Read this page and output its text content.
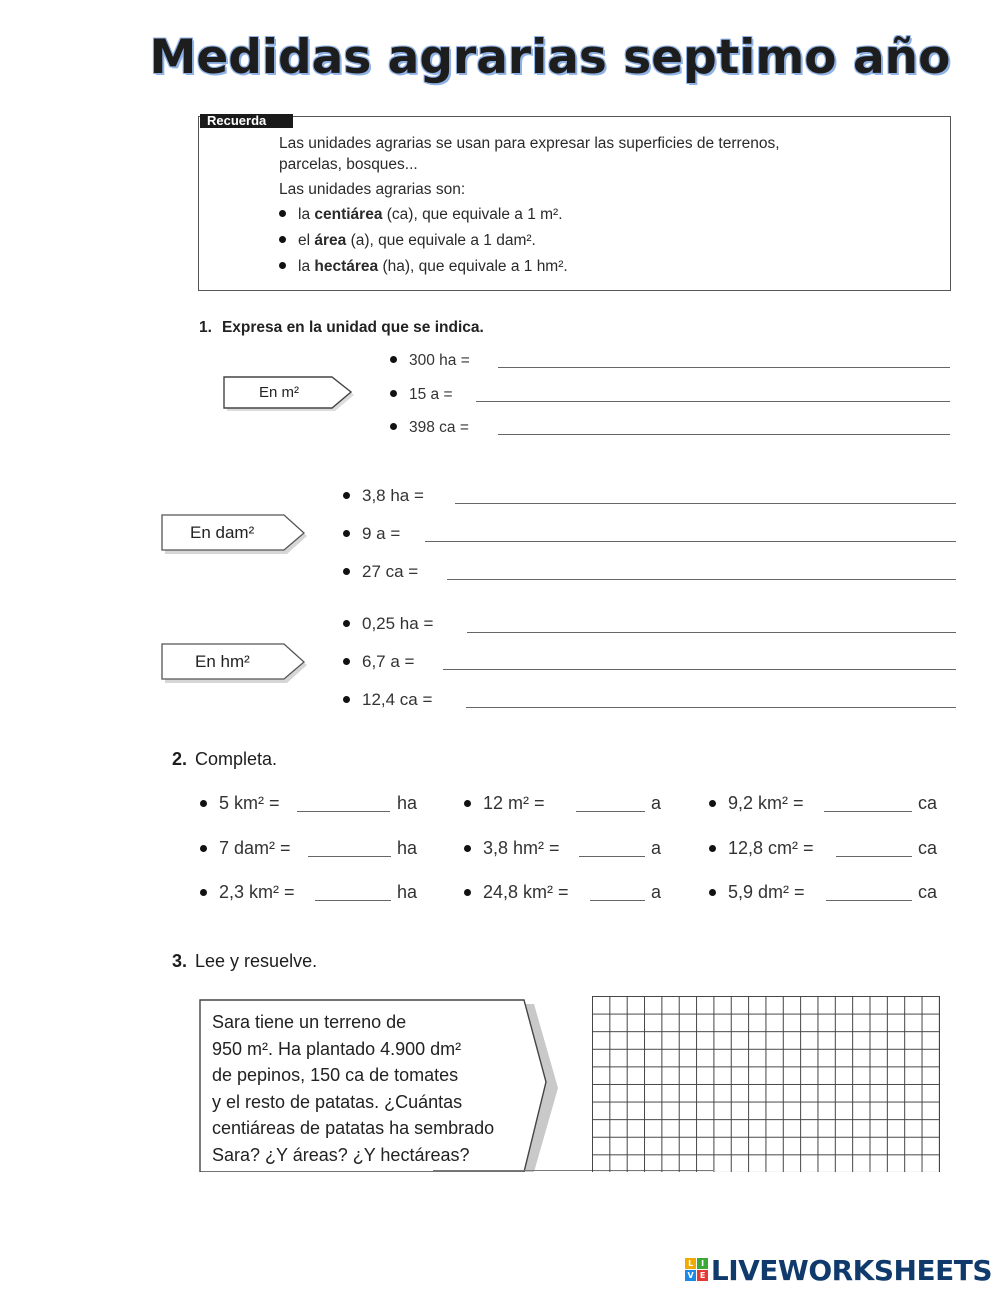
Medidas agrarias septimo año
Recuerda
Las unidades agrarias se usan para expresar las superficies de terrenos,
parcelas, bosques...
Las unidades agrarias son:
la centiárea (ca), que equivale a 1 m².
el área (a), que equivale a 1 dam².
la hectárea (ha), que equivale a 1 hm².
1. Expresa en la unidad que se indica.
En m²
300 ha =
15 a =
398 ca =
En dam²
3,8 ha =
9 a =
27 ca =
En hm²
0,25 ha =
6,7 a =
12,4 ca =
2. Completa.
5 km² =	ha	12 m² =	a	9,2 km² =	ca
7 dam² =	ha	3,8 hm² =	a	12,8 cm² =	ca
2,3 km² =	ha	24,8 km² =	a	5,9 dm² =	ca
3. Lee y resuelve.
Sara tiene un terreno de
950 m². Ha plantado 4.900 dm²
de pepinos, 150 ca de tomates
y el resto de patatas. ¿Cuántas
centiáreas de patatas ha sembrado
Sara? ¿Y áreas? ¿Y hectáreas?
L	I
V E LIVEWORKSHEETS
